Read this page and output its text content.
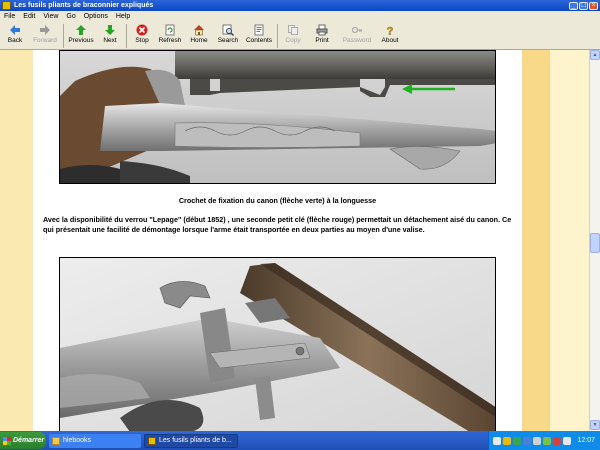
Les fusils pliants de braconnier expliqués	_ □ ×
File Edit View Go Options Help
Back Forward Previous Next	Stop Refresh Home Search Contents Copy Print Password
?
About
Crochet de fixation du canon (flèche verte) à la longuesse
Avec la disponibilité du verrou "Lepage" (début 1852) , une seconde petit clé (flèche rouge) permettait un détachement aisé du canon. Ce qui présentait une facilité de démontage lorsque l'arme était transportée en deux parties au moyen d'une valise.
▲
▼
Démarrer	hlebooks	Les fusils pliants de b...	12:07
